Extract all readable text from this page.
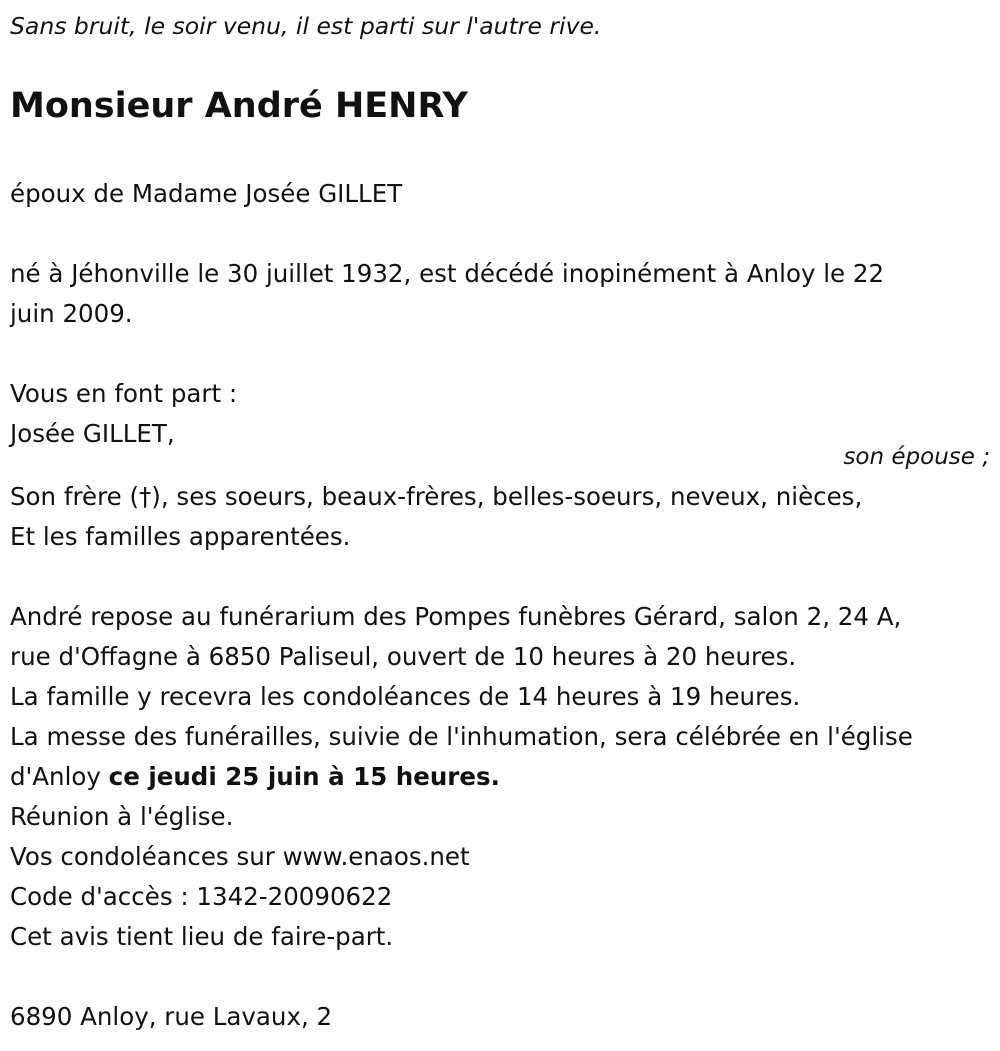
Sans bruit, le soir venu, il est parti sur l'autre rive.
Monsieur André HENRY
époux de Madame Josée GILLET
né à Jéhonville le 30 juillet 1932, est décédé inopinément à Anloy le 22
juin 2009.
Vous en font part :
Josée GILLET,
son épouse ;
Son frère (†), ses soeurs, beaux-frères, belles-soeurs, neveux, nièces,
Et les familles apparentées.
André repose au funérarium des Pompes funèbres Gérard, salon 2, 24 A,
rue d'Offagne à 6850 Paliseul, ouvert de 10 heures à 20 heures.
La famille y recevra les condoléances de 14 heures à 19 heures.
La messe des funérailles, suivie de l'inhumation, sera célébrée en l'église
d'Anloy ce jeudi 25 juin à 15 heures.
Réunion à l'église.
Vos condoléances sur www.enaos.net
Code d'accès : 1342-20090622
Cet avis tient lieu de faire-part.
6890 Anloy, rue Lavaux, 2
